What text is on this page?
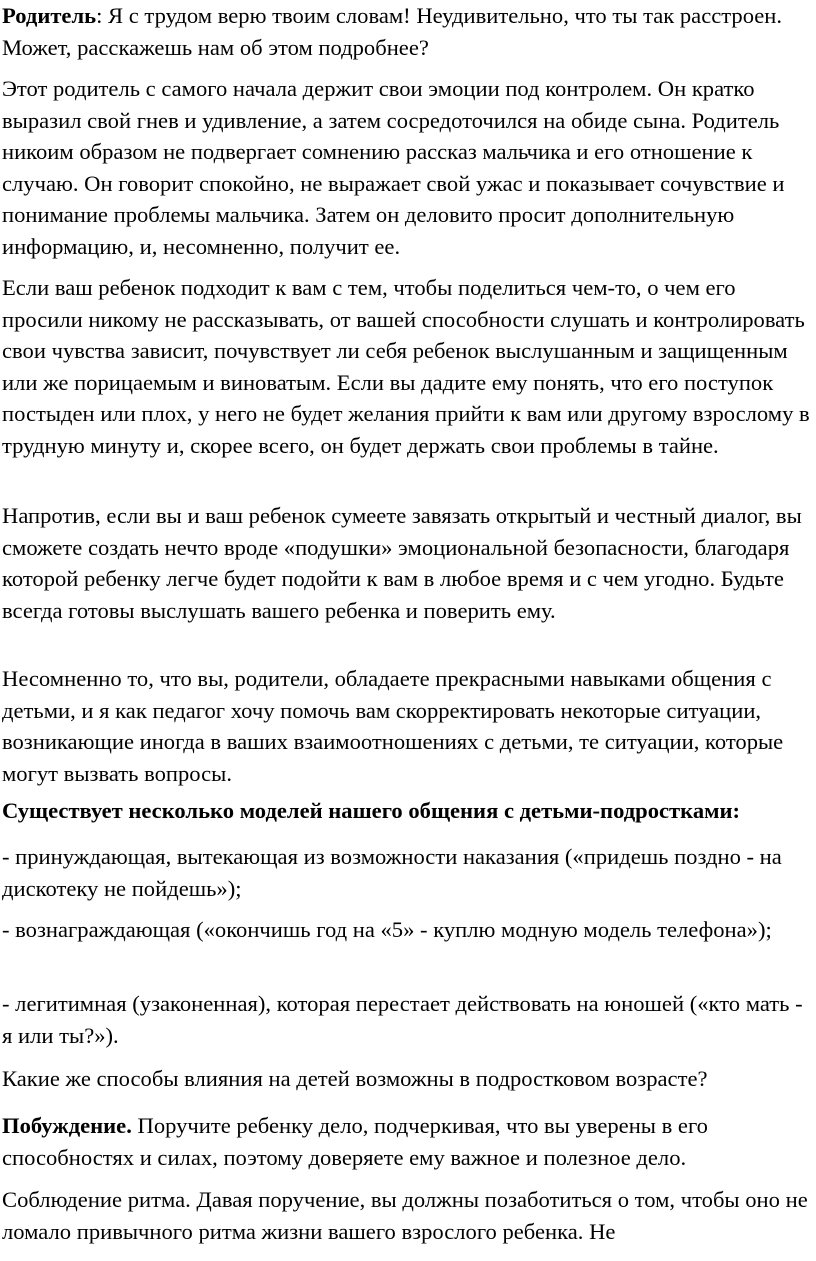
Родитель: Я с трудом верю твоим словам! Неудивительно, что ты так расстроен. Может, расскажешь нам об этом подробнее?

Этот родитель с самого начала держит свои эмоции под контролем. Он кратко выразил свой гнев и удивление, а затем сосредоточился на обиде сына. Родитель никоим образом не подвергает сомнению рассказ мальчика и его отношение к случаю. Он говорит спокойно, не выражает свой ужас и показывает сочувствие и понимание проблемы мальчика. Затем он деловито просит дополнительную информацию, и, несомненно, получит ее.

Если ваш ребенок подходит к вам с тем, чтобы поделиться чем-то, о чем его просили никому не рассказывать, от вашей способности слушать и контролировать свои чувства зависит, почувствует ли себя ребенок выслушанным и защищенным или же порицаемым и виноватым. Если вы дадите ему понять, что его поступок постыден или плох, у него не будет желания прийти к вам или другому взрослому в трудную минуту и, скорее всего, он будет держать свои проблемы в тайне.

Напротив, если вы и ваш ребенок сумеете завязать открытый и честный диалог, вы сможете создать нечто вроде «подушки» эмоциональной безопасности, благодаря которой ребенку легче будет подойти к вам в любое время и с чем угодно. Будьте всегда готовы выслушать вашего ребенка и поверить ему.

Несомненно то, что вы, родители, обладаете прекрасными навыками общения с детьми, и я как педагог хочу помочь вам скорректировать некоторые ситуации, возникающие иногда в ваших взаимоотношениях с детьми, те ситуации, которые могут вызвать вопросы.

Существует несколько моделей нашего общения с детьми-подростками:

- принуждающая, вытекающая из возможности наказания («придешь поздно - на дискотеку не пойдешь»);

- вознаграждающая («окончишь год на «5» - куплю модную модель телефона»);

- легитимная (узаконенная), которая перестает действовать на юношей («кто мать - я или ты?»).

Какие же способы влияния на детей возможны в подростковом возрасте?

Побуждение. Поручите ребенку дело, подчеркивая, что вы уверены в его способностях и силах, поэтому доверяете ему важное и полезное дело.

Соблюдение ритма. Давая поручение, вы должны позаботиться о том, чтобы оно не ломало привычного ритма жизни вашего взрослого ребенка. Не
